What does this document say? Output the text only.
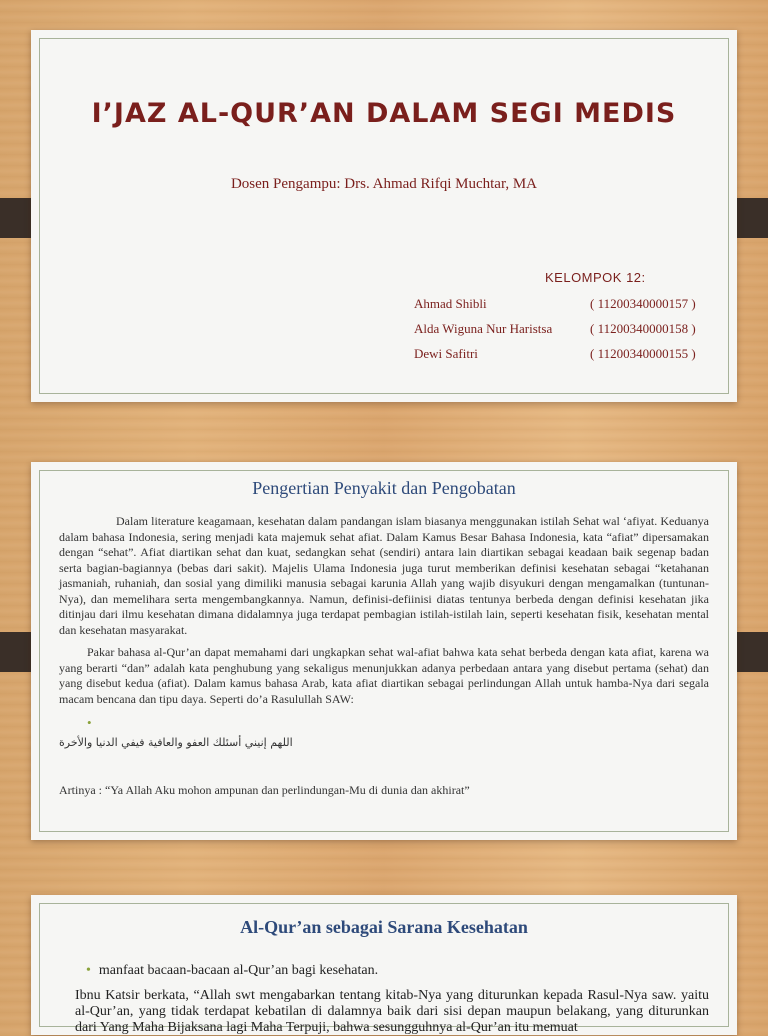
I’JAZ AL-QUR’AN DALAM SEGI MEDIS
Dosen Pengampu: Drs. Ahmad Rifqi Muchtar, MA
KELOMPOK 12:
Ahmad Shibli	( 11200340000157 )
Alda Wiguna Nur Haristsa	( 11200340000158 )
Dewi Safitri	( 11200340000155 )
Pengertian Penyakit dan Pengobatan
Dalam literature keagamaan, kesehatan dalam pandangan islam biasanya menggunakan istilah Sehat wal ‘afiyat. Keduanya dalam bahasa Indonesia, sering menjadi kata majemuk sehat afiat. Dalam Kamus Besar Bahasa Indonesia, kata “afiat” dipersamakan dengan “sehat”. Afiat diartikan sehat dan kuat, sedangkan sehat (sendiri) antara lain diartikan sebagai keadaan baik segenap badan serta bagian-bagiannya (bebas dari sakit). Majelis Ulama Indonesia juga turut memberikan definisi kesehatan sebagai “ketahanan jasmaniah, ruhaniah, dan sosial yang dimiliki manusia sebagai karunia Allah yang wajib disyukuri dengan mengamalkan (tuntunan-Nya), dan memelihara serta mengembangkannya. Namun, definisi-defiinisi diatas tentunya berbeda dengan definisi kesehatan jika ditinjau dari ilmu kesehatan dimana didalamnya juga terdapat pembagian istilah-istilah lain, seperti kesehatan fisik, kesehatan mental dan kesehatan masyarakat.
Pakar bahasa al-Qur’an dapat memahami dari ungkapkan sehat wal-afiat bahwa kata sehat berbeda dengan kata afiat, karena wa yang berarti “dan” adalah kata penghubung yang sekaligus menunjukkan adanya perbedaan antara yang disebut pertama (sehat) dan yang disebut kedua (afiat). Dalam kamus bahasa Arab, kata afiat diartikan sebagai perlindungan Allah untuk hamba-Nya dari segala macam bencana dan tipu daya. Seperti do’a Rasulullah SAW:
•
اللهم إنيني أسئلك العفو والعافية فيفي الدنيا والأخرة
Artinya : “Ya Allah Aku mohon ampunan dan perlindungan-Mu di dunia dan akhirat”
Al-Qur’an sebagai Sarana Kesehatan
• manfaat bacaan-bacaan al-Qur’an bagi kesehatan.
Ibnu Katsir berkata, “Allah swt mengabarkan tentang kitab-Nya yang diturunkan kepada Rasul-Nya saw. yaitu al-Qur’an, yang tidak terdapat kebatilan di dalamnya baik dari sisi depan maupun belakang, yang diturunkan dari Yang Maha Bijaksana lagi Maha Terpuji, bahwa sesungguhnya al-Qur’an itu memuat
